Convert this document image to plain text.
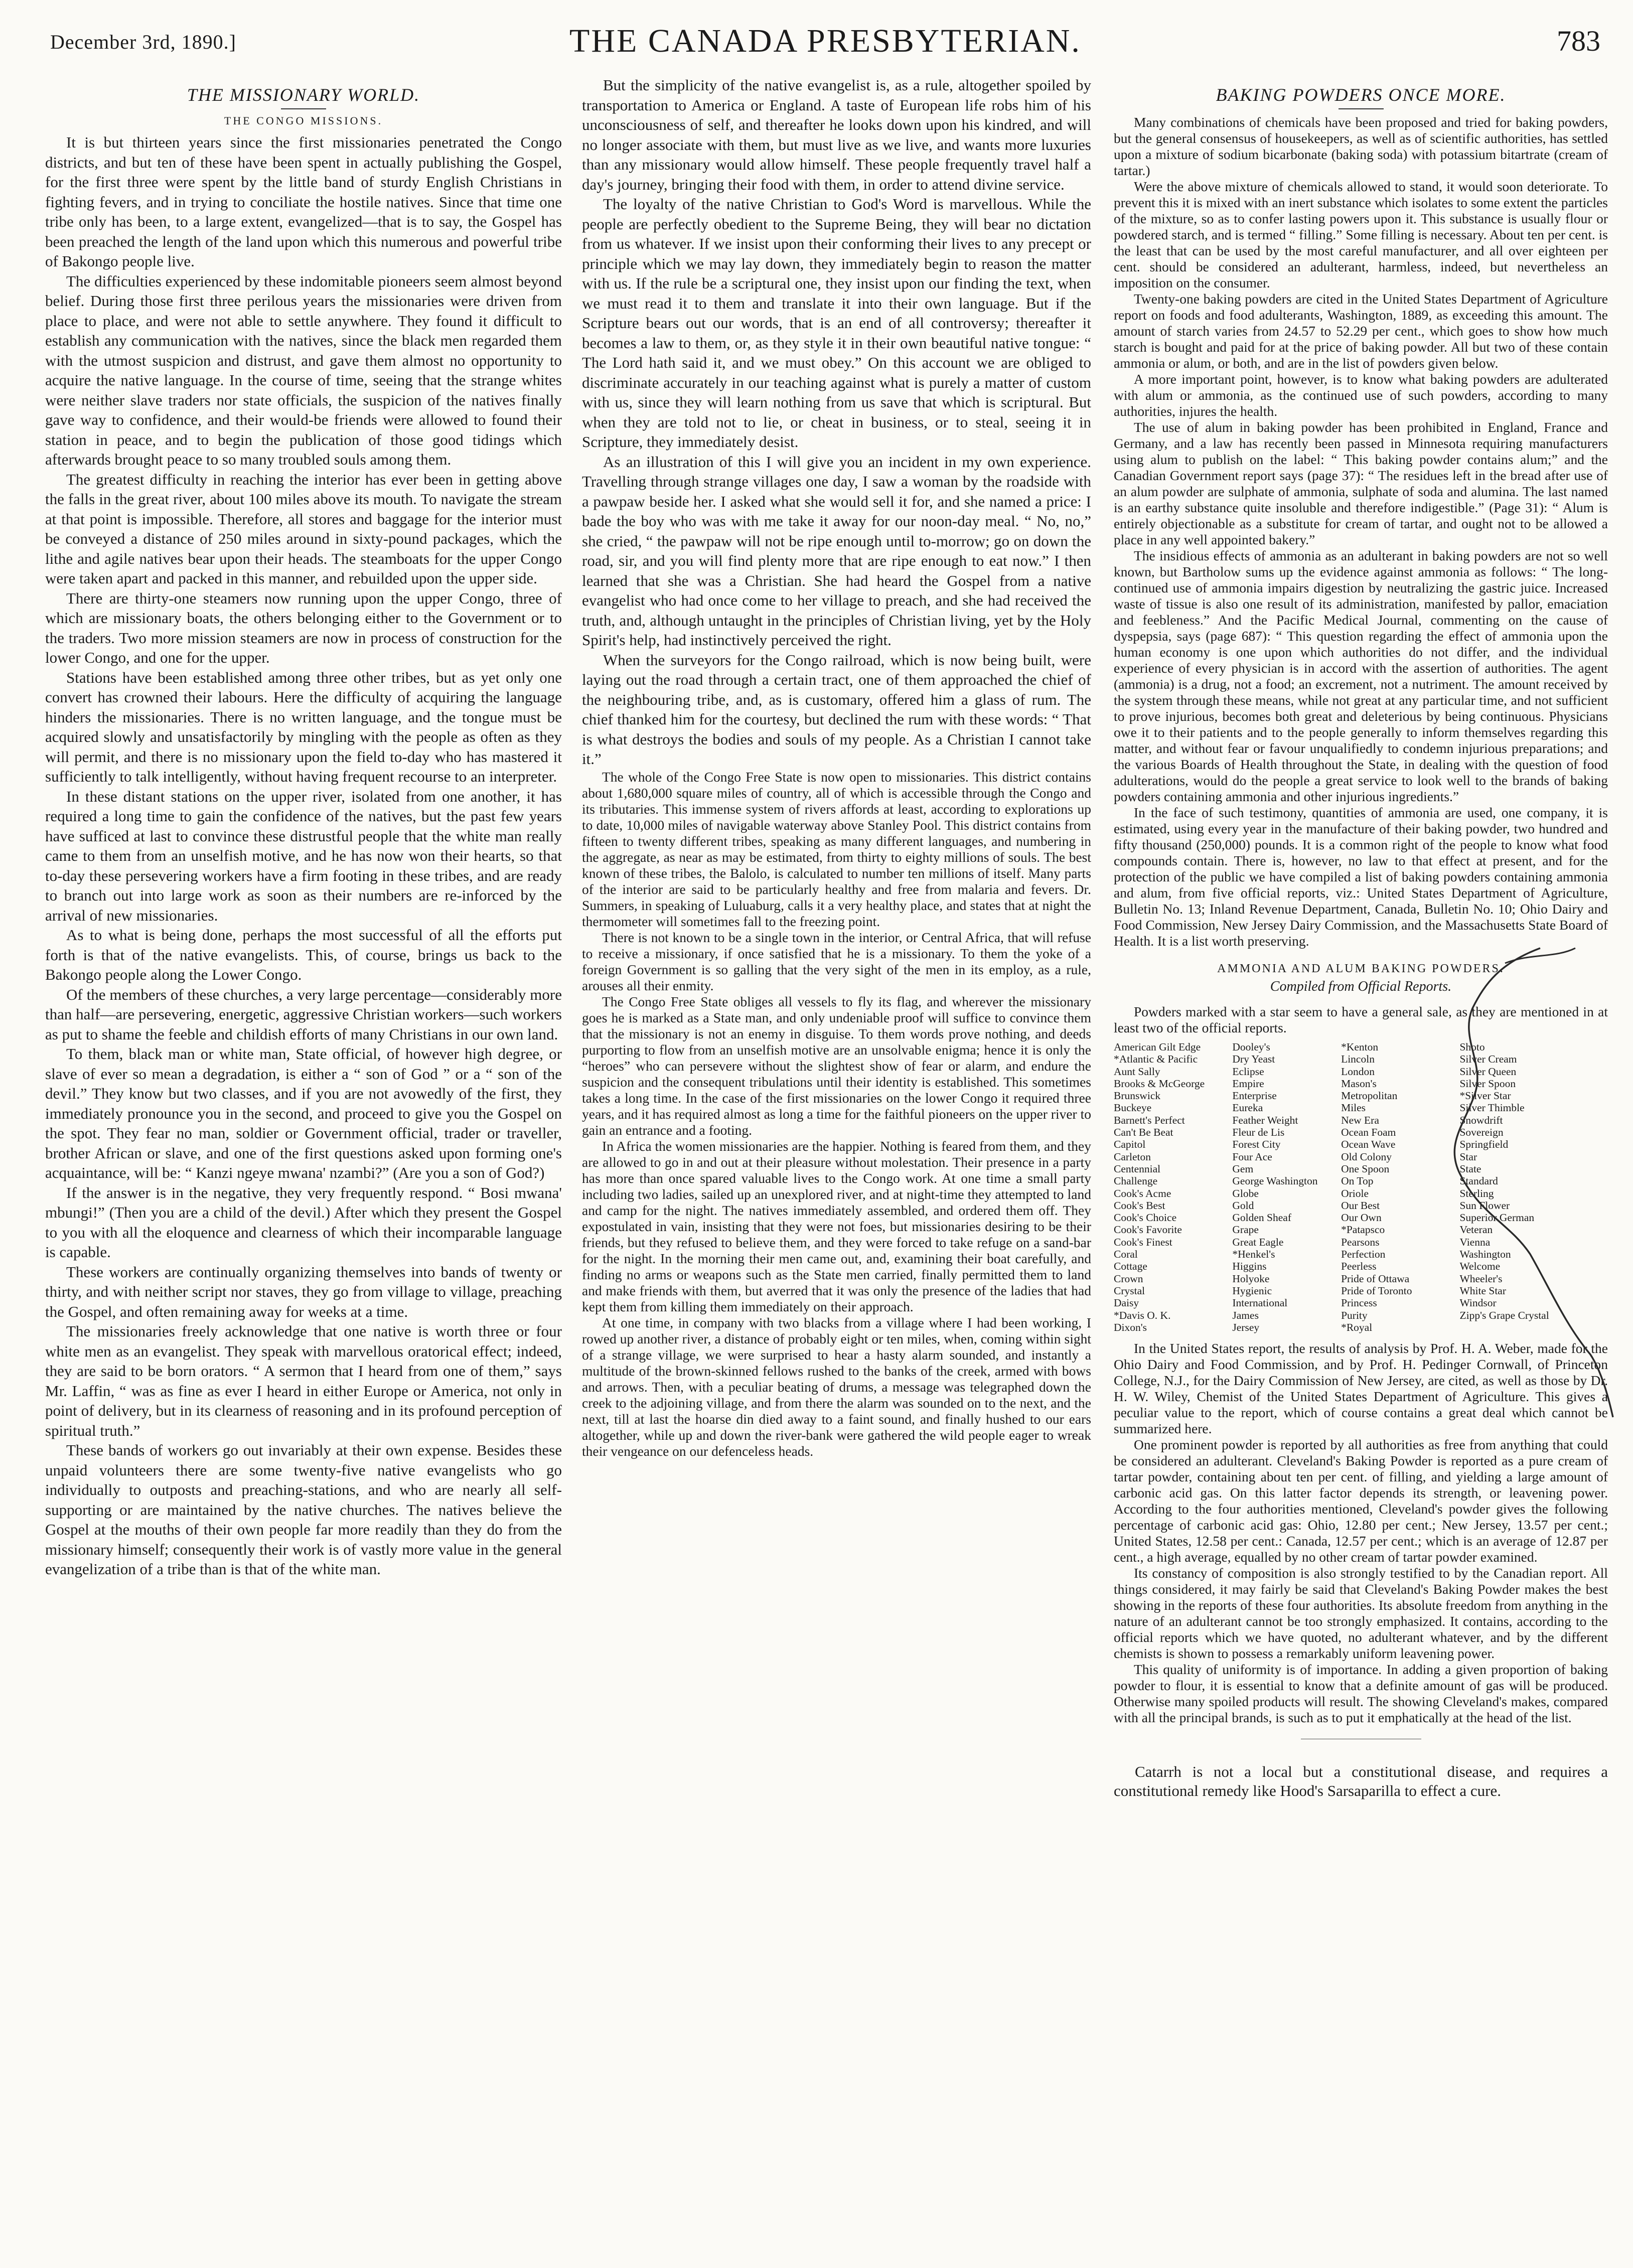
December 3rd, 1890.]	THE CANADA PRESBYTERIAN.	783
THE MISSIONARY WORLD.
THE CONGO MISSIONS.

It is but thirteen years since the first missionaries penetrated the Congo districts, and but ten of these have been spent in actually publishing the Gospel, for the first three were spent by the little band of sturdy English Christians in fighting fevers, and in trying to conciliate the hostile natives. Since that time one tribe only has been, to a large extent, evangelized—that is to say, the Gospel has been preached the length of the land upon which this numerous and powerful tribe of Bakongo people live.

The difficulties experienced by these indomitable pioneers seem almost beyond belief. During those first three perilous years the missionaries were driven from place to place, and were not able to settle anywhere. They found it difficult to establish any communication with the natives, since the black men regarded them with the utmost suspicion and distrust, and gave them almost no opportunity to acquire the native language. In the course of time, seeing that the strange whites were neither slave traders nor state officials, the suspicion of the natives finally gave way to confidence, and their would-be friends were allowed to found their station in peace, and to begin the publication of those good tidings which afterwards brought peace to so many troubled souls among them.

The greatest difficulty in reaching the interior has ever been in getting above the falls in the great river, about 100 miles above its mouth. To navigate the stream at that point is impossible. Therefore, all stores and baggage for the interior must be conveyed a distance of 250 miles around in sixty-pound packages, which the lithe and agile natives bear upon their heads. The steamboats for the upper Congo were taken apart and packed in this manner, and rebuilded upon the upper side.

There are thirty-one steamers now running upon the upper Congo, three of which are missionary boats, the others belonging either to the Government or to the traders. Two more mission steamers are now in process of construction for the lower Congo, and one for the upper.

Stations have been established among three other tribes, but as yet only one convert has crowned their labours. Here the difficulty of acquiring the language hinders the missionaries. There is no written language, and the tongue must be acquired slowly and unsatisfactorily by mingling with the people as often as they will permit, and there is no missionary upon the field to-day who has mastered it sufficiently to talk intelligently, without having frequent recourse to an interpreter.

In these distant stations on the upper river, isolated from one another, it has required a long time to gain the confidence of the natives, but the past few years have sufficed at last to convince these distrustful people that the white man really came to them from an unselfish motive, and he has now won their hearts, so that to-day these persevering workers have a firm footing in these tribes, and are ready to branch out into large work as soon as their numbers are re-inforced by the arrival of new missionaries.

As to what is being done, perhaps the most successful of all the efforts put forth is that of the native evangelists. This, of course, brings us back to the Bakongo people along the Lower Congo.

Of the members of these churches, a very large percentage—considerably more than half—are persevering, energetic, aggressive Christian workers—such workers as put to shame the feeble and childish efforts of many Christians in our own land.

To them, black man or white man, State official, of however high degree, or slave of ever so mean a degradation, is either a “ son of God ” or a “ son of the devil.” They know but two classes, and if you are not avowedly of the first, they immediately pronounce you in the second, and proceed to give you the Gospel on the spot. They fear no man, soldier or Government official, trader or traveller, brother African or slave, and one of the first questions asked upon forming one's acquaintance, will be: “ Kanzi ngeye mwana' nzambi?” (Are you a son of God?)

If the answer is in the negative, they very frequently respond. “ Bosi mwana' mbungi!” (Then you are a child of the devil.) After which they present the Gospel to you with all the eloquence and clearness of which their incomparable language is capable.

These workers are continually organizing themselves into bands of twenty or thirty, and with neither script nor staves, they go from village to village, preaching the Gospel, and often remaining away for weeks at a time.

The missionaries freely acknowledge that one native is worth three or four white men as an evangelist. They speak with marvellous oratorical effect; indeed, they are said to be born orators. “ A sermon that I heard from one of them,” says Mr. Laffin, “ was as fine as ever I heard in either Europe or America, not only in point of delivery, but in its clearness of reasoning and in its profound perception of spiritual truth.”

These bands of workers go out invariably at their own expense. Besides these unpaid volunteers there are some twenty-five native evangelists who go individually to outposts and preaching-stations, and who are nearly all self-supporting or are maintained by the native churches. The natives believe the Gospel at the mouths of their own people far more readily than they do from the missionary himself; consequently their work is of vastly more value in the general evangelization of a tribe than is that of the white man.

But the simplicity of the native evangelist is, as a rule, altogether spoiled by transportation to America or England. A taste of European life robs him of his unconsciousness of self, and thereafter he looks down upon his kindred, and will no longer associate with them, but must live as we live, and wants more luxuries than any missionary would allow himself. These people frequently travel half a day's journey, bringing their food with them, in order to attend divine service.

The loyalty of the native Christian to God's Word is marvellous. While the people are perfectly obedient to the Supreme Being, they will bear no dictation from us whatever. If we insist upon their conforming their lives to any precept or principle which we may lay down, they immediately begin to reason the matter with us. If the rule be a scriptural one, they insist upon our finding the text, when we must read it to them and translate it into their own language. But if the Scripture bears out our words, that is an end of all controversy; thereafter it becomes a law to them, or, as they style it in their own beautiful native tongue: “ The Lord hath said it, and we must obey.” On this account we are obliged to discriminate accurately in our teaching against what is purely a matter of custom with us, since they will learn nothing from us save that which is scriptural. But when they are told not to lie, or cheat in business, or to steal, seeing it in Scripture, they immediately desist.

As an illustration of this I will give you an incident in my own experience. Travelling through strange villages one day, I saw a woman by the roadside with a pawpaw beside her. I asked what she would sell it for, and she named a price: I bade the boy who was with me take it away for our noon-day meal. “ No, no,” she cried, “ the pawpaw will not be ripe enough until to-morrow; go on down the road, sir, and you will find plenty more that are ripe enough to eat now.” I then learned that she was a Christian. She had heard the Gospel from a native evangelist who had once come to her village to preach, and she had received the truth, and, although untaught in the principles of Christian living, yet by the Holy Spirit's help, had instinctively perceived the right.

When the surveyors for the Congo railroad, which is now being built, were laying out the road through a certain tract, one of them approached the chief of the neighbouring tribe, and, as is customary, offered him a glass of rum. The chief thanked him for the courtesy, but declined the rum with these words: “ That is what destroys the bodies and souls of my people. As a Christian I cannot take it.”

The whole of the Congo Free State is now open to missionaries. This district contains about 1,680,000 square miles of country, all of which is accessible through the Congo and its tributaries. This immense system of rivers affords at least, according to explorations up to date, 10,000 miles of navigable waterway above Stanley Pool. This district contains from fifteen to twenty different tribes, speaking as many different languages, and numbering in the aggregate, as near as may be estimated, from thirty to eighty millions of souls. The best known of these tribes, the Balolo, is calculated to number ten millions of itself. Many parts of the interior are said to be particularly healthy and free from malaria and fevers. Dr. Summers, in speaking of Luluaburg, calls it a very healthy place, and states that at night the thermometer will sometimes fall to the freezing point.

There is not known to be a single town in the interior, or Central Africa, that will refuse to receive a missionary, if once satisfied that he is a missionary. To them the yoke of a foreign Government is so galling that the very sight of the men in its employ, as a rule, arouses all their enmity.

The Congo Free State obliges all vessels to fly its flag, and wherever the missionary goes he is marked as a State man, and only undeniable proof will suffice to convince them that the missionary is not an enemy in disguise. To them words prove nothing, and deeds purporting to flow from an unselfish motive are an unsolvable enigma; hence it is only the “heroes” who can persevere without the slightest show of fear or alarm, and endure the suspicion and the consequent tribulations until their identity is established. This sometimes takes a long time. In the case of the first missionaries on the lower Congo it required three years, and it has required almost as long a time for the faithful pioneers on the upper river to gain an entrance and a footing.

In Africa the women missionaries are the happier. Nothing is feared from them, and they are allowed to go in and out at their pleasure without molestation. Their presence in a party has more than once spared valuable lives to the Congo work. At one time a small party including two ladies, sailed up an unexplored river, and at night-time they attempted to land and camp for the night. The natives immediately assembled, and ordered them off. They expostulated in vain, insisting that they were not foes, but missionaries desiring to be their friends, but they refused to believe them, and they were forced to take refuge on a sand-bar for the night. In the morning their men came out, and, examining their boat carefully, and finding no arms or weapons such as the State men carried, finally permitted them to land and make friends with them, but averred that it was only the presence of the ladies that had kept them from killing them immediately on their approach.

At one time, in company with two blacks from a village where I had been working, I rowed up another river, a distance of probably eight or ten miles, when, coming within sight of a strange village, we were surprised to hear a hasty alarm sounded, and instantly a multitude of the brown-skinned fellows rushed to the banks of the creek, armed with bows and arrows. Then, with a peculiar beating of drums, a message was telegraphed down the creek to the adjoining village, and from there the alarm was sounded on to the next, and the next, till at last the hoarse din died away to a faint sound, and finally hushed to our ears altogether, while up and down the river-bank were gathered the wild people eager to wreak their vengeance on our defenceless heads.

BAKING POWDERS ONCE MORE.

Many combinations of chemicals have been proposed and tried for baking powders, but the general consensus of housekeepers, as well as of scientific authorities, has settled upon a mixture of sodium bicarbonate (baking soda) with potassium bitartrate (cream of tartar.)

Were the above mixture of chemicals allowed to stand, it would soon deteriorate. To prevent this it is mixed with an inert substance which isolates to some extent the particles of the mixture, so as to confer lasting powers upon it. This substance is usually flour or powdered starch, and is termed “ filling.” Some filling is necessary. About ten per cent. is the least that can be used by the most careful manufacturer, and all over eighteen per cent. should be considered an adulterant, harmless, indeed, but nevertheless an imposition on the consumer.

Twenty-one baking powders are cited in the United States Department of Agriculture report on foods and food adulterants, Washington, 1889, as exceeding this amount. The amount of starch varies from 24.57 to 52.29 per cent., which goes to show how much starch is bought and paid for at the price of baking powder. All but two of these contain ammonia or alum, or both, and are in the list of powders given below.

A more important point, however, is to know what baking powders are adulterated with alum or ammonia, as the continued use of such powders, according to many authorities, injures the health.

The use of alum in baking powder has been prohibited in England, France and Germany, and a law has recently been passed in Minnesota requiring manufacturers using alum to publish on the label: “ This baking powder contains alum;” and the Canadian Government report says (page 37): “ The residues left in the bread after use of an alum powder are sulphate of ammonia, sulphate of soda and alumina. The last named is an earthy substance quite insoluble and therefore indigestible.” (Page 31): “ Alum is entirely objectionable as a substitute for cream of tartar, and ought not to be allowed a place in any well appointed bakery.”

The insidious effects of ammonia as an adulterant in baking powders are not so well known, but Bartholow sums up the evidence against ammonia as follows: “ The long-continued use of ammonia impairs digestion by neutralizing the gastric juice. Increased waste of tissue is also one result of its administration, manifested by pallor, emaciation and feebleness.” And the Pacific Medical Journal, commenting on the cause of dyspepsia, says (page 687): “ This question regarding the effect of ammonia upon the human economy is one upon which authorities do not differ, and the individual experience of every physician is in accord with the assertion of authorities. The agent (ammonia) is a drug, not a food; an excrement, not a nutriment. The amount received by the system through these means, while not great at any particular time, and not sufficient to prove injurious, becomes both great and deleterious by being continuous. Physicians owe it to their patients and to the people generally to inform themselves regarding this matter, and without fear or favour unqualifiedly to condemn injurious preparations; and the various Boards of Health throughout the State, in dealing with the question of food adulterations, would do the people a great service to look well to the brands of baking powders containing ammonia and other injurious ingredients.”

In the face of such testimony, quantities of ammonia are used, one company, it is estimated, using every year in the manufacture of their baking powder, two hundred and fifty thousand (250,000) pounds. It is a common right of the people to know what food compounds contain. There is, however, no law to that effect at present, and for the protection of the public we have compiled a list of baking powders containing ammonia and alum, from five official reports, viz.: United States Department of Agriculture, Bulletin No. 13; Inland Revenue Department, Canada, Bulletin No. 10; Ohio Dairy and Food Commission, New Jersey Dairy Commission, and the Massachusetts State Board of Health. It is a list worth preserving.

AMMONIA AND ALUM BAKING POWDERS.
Compiled from Official Reports.

Powders marked with a star seem to have a general sale, as they are mentioned in at least two of the official reports.

American Gilt Edge
*Atlantic & Pacific
Aunt Sally
Brooks & McGeorge
Brunswick
Buckeye
Barnett's Perfect
Can't Be Beat
Capitol
Carleton
Centennial
Challenge
Cook's Acme
Cook's Best
Cook's Choice
Cook's Favorite
Cook's Finest
Coral
Cottage
Crown
Crystal
Daisy
*Davis O. K.
Dixon's
Dooley's
Dry Yeast
Eclipse
Empire
Enterprise
Eureka
Feather Weight
Fleur de Lis
Forest City
Four Ace
Gem
George Washington
Globe
Gold
Golden Sheaf
Grape
Great Eagle
*Henkel's
Higgins
Holyoke
Hygienic
International
James
Jersey
*Kenton
Lincoln
London
Mason's
Metropolitan
Miles
New Era
Ocean Foam
Ocean Wave
Old Colony
One Spoon
On Top
Oriole
Our Best
Our Own
*Patapsco
Pearsons
Perfection
Peerless
Pride of Ottawa
Pride of Toronto
Princess
Purity
*Royal
Shoto
Silver Cream
Silver Queen
Silver Spoon
*Silver Star
Silver Thimble
Snowdrift
Sovereign
Springfield
Star
State
Standard
Sterling
Sun Flower
Superior German
Veteran
Vienna
Washington
Welcome
Wheeler's
White Star
Windsor
Zipp's Grape Crystal

In the United States report, the results of analysis by Prof. H. A. Weber, made for the Ohio Dairy and Food Commission, and by Prof. H. Pedinger Cornwall, of Princeton College, N.J., for the Dairy Commission of New Jersey, are cited, as well as those by Dr. H. W. Wiley, Chemist of the United States Department of Agriculture. This gives a peculiar value to the report, which of course contains a great deal which cannot be summarized here.

One prominent powder is reported by all authorities as free from anything that could be considered an adulterant. Cleveland's Baking Powder is reported as a pure cream of tartar powder, containing about ten per cent. of filling, and yielding a large amount of carbonic acid gas. On this latter factor depends its strength, or leavening power. According to the four authorities mentioned, Cleveland's powder gives the following percentage of carbonic acid gas: Ohio, 12.80 per cent.; New Jersey, 13.57 per cent.; United States, 12.58 per cent.: Canada, 12.57 per cent.; which is an average of 12.87 per cent., a high average, equalled by no other cream of tartar powder examined.

Its constancy of composition is also strongly testified to by the Canadian report. All things considered, it may fairly be said that Cleveland's Baking Powder makes the best showing in the reports of these four authorities. Its absolute freedom from anything in the nature of an adulterant cannot be too strongly emphasized. It contains, according to the official reports which we have quoted, no adulterant whatever, and by the different chemists is shown to possess a remarkably uniform leavening power.

This quality of uniformity is of importance. In adding a given proportion of baking powder to flour, it is essential to know that a definite amount of gas will be produced. Otherwise many spoiled products will result. The showing Cleveland's makes, compared with all the principal brands, is such as to put it emphatically at the head of the list.

Catarrh is not a local but a constitutional disease, and requires a constitutional remedy like Hood's Sarsaparilla to effect a cure.
